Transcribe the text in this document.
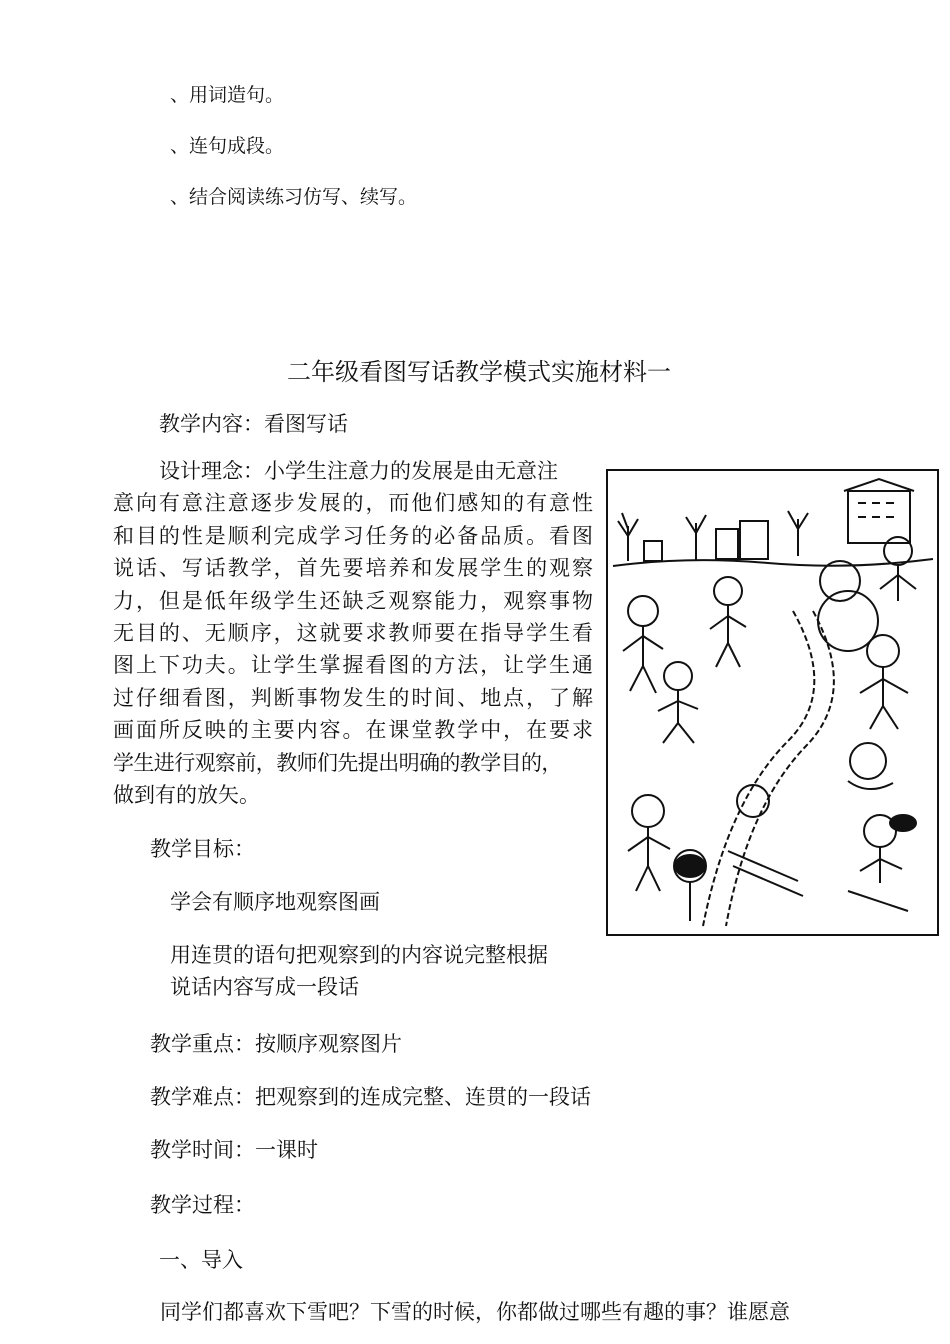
、用词造句。
、连句成段。
、结合阅读练习仿写、续写。
二年级看图写话教学模式实施材料一
教学内容：看图写话
设计理念：小学生注意力的发展是由无意注
意向有意注意逐步发展的，而他们感知的有意性
和目的性是顺利完成学习任务的必备品质。看图
说话、写话教学，首先要培养和发展学生的观察
力，但是低年级学生还缺乏观察能力，观察事物
无目的、无顺序，这就要求教师要在指导学生看
图上下功夫。让学生掌握看图的方法，让学生通
过仔细看图，判断事物发生的时间、地点，了解
画面所反映的主要内容。在课堂教学中，在要求
学生进行观察前，教师们先提出明确的教学目的，
做到有的放矢。
教学目标：
学会有顺序地观察图画
用连贯的语句把观察到的内容说完整根据
说话内容写成一段话
教学重点：按顺序观察图片
教学难点：把观察到的连成完整、连贯的一段话
教学时间：一课时
教学过程：
一、导入
同学们都喜欢下雪吧？下雪的时候，你都做过哪些有趣的事？谁愿意
